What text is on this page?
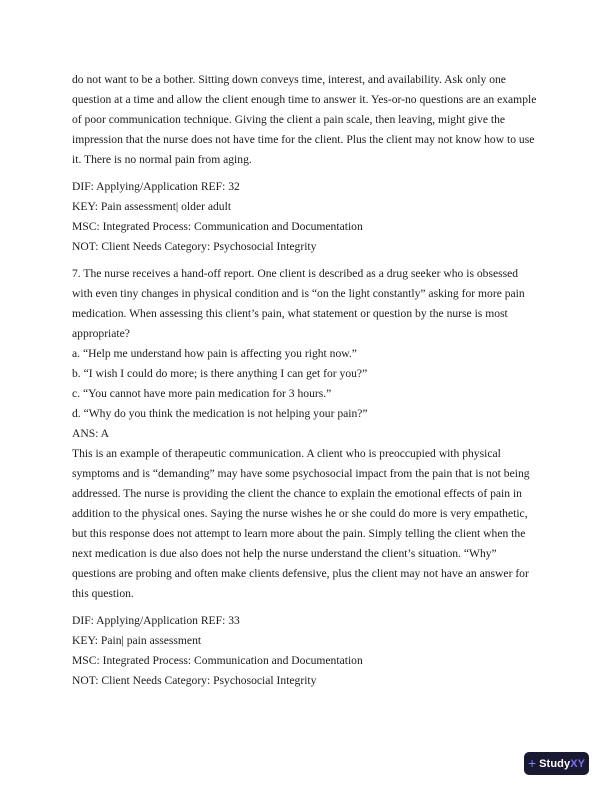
do not want to be a bother. Sitting down conveys time, interest, and availability. Ask only one question at a time and allow the client enough time to answer it. Yes-or-no questions are an example of poor communication technique. Giving the client a pain scale, then leaving, might give the impression that the nurse does not have time for the client. Plus the client may not know how to use it. There is no normal pain from aging.

DIF: Applying/Application REF: 32
KEY: Pain assessment| older adult
MSC: Integrated Process: Communication and Documentation
NOT: Client Needs Category: Psychosocial Integrity

7. The nurse receives a hand-off report. One client is described as a drug seeker who is obsessed with even tiny changes in physical condition and is “on the light constantly” asking for more pain medication. When assessing this client’s pain, what statement or question by the nurse is most appropriate?

a. “Help me understand how pain is affecting you right now.”
b. “I wish I could do more; is there anything I can get for you?”
c. “You cannot have more pain medication for 3 hours.”
d. “Why do you think the medication is not helping your pain?”
ANS: A

This is an example of therapeutic communication. A client who is preoccupied with physical symptoms and is “demanding” may have some psychosocial impact from the pain that is not being addressed. The nurse is providing the client the chance to explain the emotional effects of pain in addition to the physical ones. Saying the nurse wishes he or she could do more is very empathetic, but this response does not attempt to learn more about the pain. Simply telling the client when the next medication is due also does not help the nurse understand the client’s situation. “Why” questions are probing and often make clients defensive, plus the client may not have an answer for this question.

DIF: Applying/Application REF: 33
KEY: Pain| pain assessment
MSC: Integrated Process: Communication and Documentation
NOT: Client Needs Category: Psychosocial Integrity
+ Study XY
